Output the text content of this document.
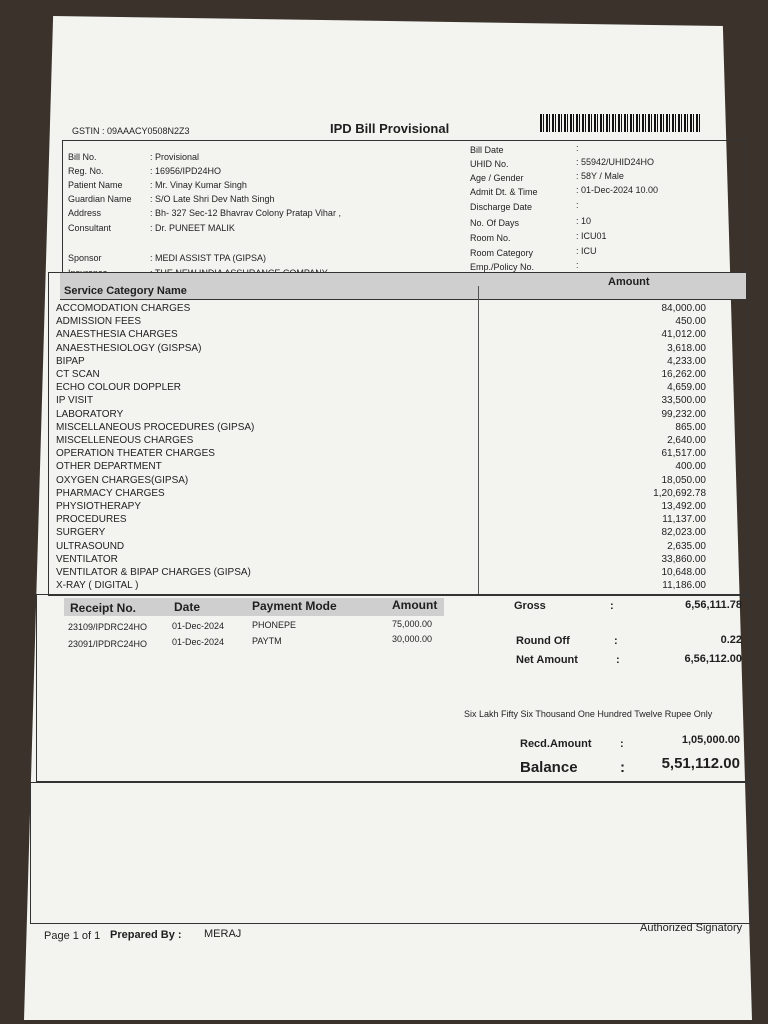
GSTIN : 09AAACY0508N2Z3	IPD Bill Provisional
Bill No.	: Provisional
Reg. No.	: 16956/IPD24HO
Patient Name	: Mr. Vinay Kumar Singh
Guardian Name : S/O Late Shri Dev Nath Singh
Address	: Bh- 327 Sec-12 Bhavrav Colony Pratap Vihar ,
Consultant	: Dr. PUNEET MALIK
Sponsor	: MEDI ASSIST TPA (GIPSA)
Bill Date	:
UHID No.	: 55942/UHID24HO
Age / Gender	: 58Y / Male
Admit Dt. & Time	: 01-Dec-2024 10.00
Discharge Date	:
No. Of Days	: 10
Room No.	: ICU01
Room Category	: ICU
Emp./Policy No.	:
Service Category Name
Amount
ACCOMODATION CHARGES	84,000.00
ADMISSION FEES	450.00
ANAESTHESIA CHARGES	41,012.00
ANAESTHESIOLOGY (GISPSA)	3,618.00
BIPAP	4,233.00
CT SCAN	16,262.00
ECHO COLOUR DOPPLER	4,659.00
IP VISIT	33,500.00
LABORATORY	99,232.00
MISCELLANEOUS PROCEDURES (GIPSA)	865.00
MISCELLENEOUS CHARGES	2,640.00
OPERATION THEATER CHARGES	61,517.00
OTHER DEPARTMENT	400.00
OXYGEN CHARGES(GIPSA)	18,050.00
PHARMACY CHARGES	1,20,692.78
PHYSIOTHERAPY	13,492.00
PROCEDURES	11,137.00
SURGERY	82,023.00
ULTRASOUND	2,635.00
VENTILATOR	33,860.00
VENTILATOR & BIPAP CHARGES (GIPSA)	10,648.00
X-RAY ( DIGITAL )	11,186.00
Receipt No.	Date	Payment Mode	Amount
23109/IPDRC24HO	01-Dec-2024	PHONEPE	75,000.00
23091/IPDRC24HO	01-Dec-2024	PAYTM	30,000.00
Gross	:	6,56,111.78
Round Off	:	0.22
Net Amount	:	6,56,112.00
Six Lakh Fifty Six Thousand One Hundred Twelve Rupee Only
Recd.Amount	:	1,05,000.00
Balance	:	5,51,112.00
Page 1 of 1 Prepared By : MERAJ	Authorized Signatory
